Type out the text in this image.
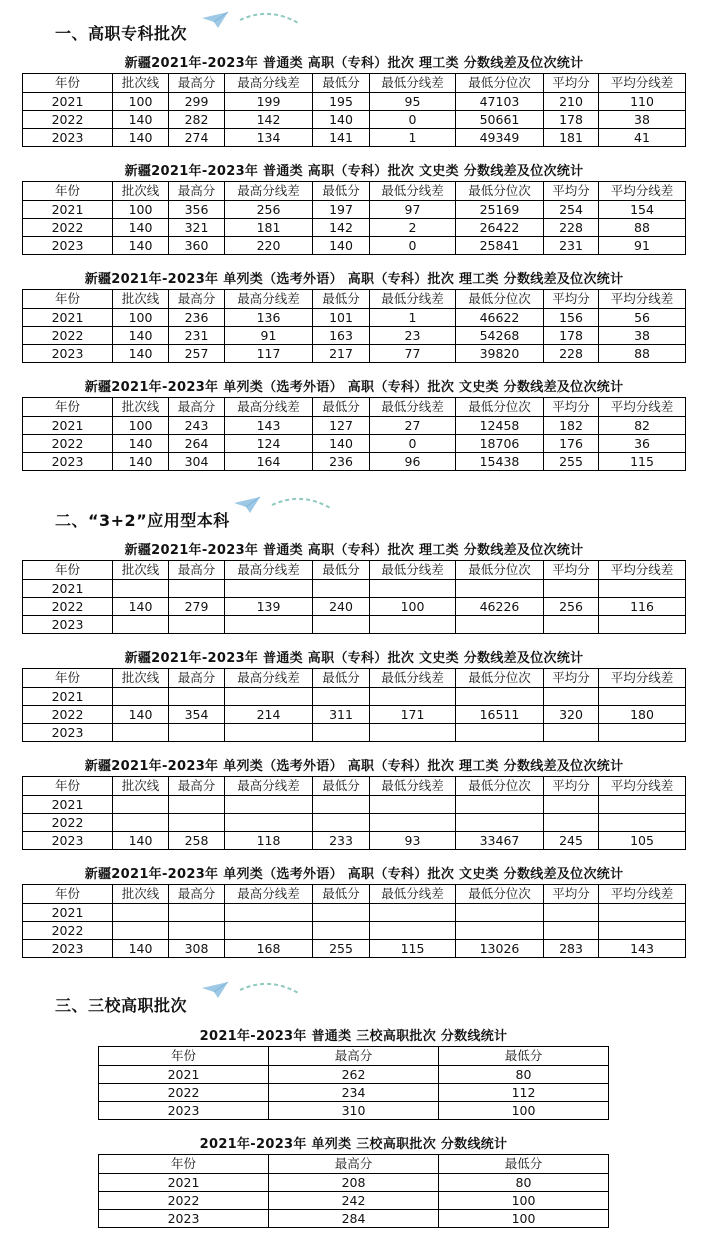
一、高职专科批次
新疆2021年-2023年 普通类 高职（专科）批次 理工类 分数线差及位次统计								
年份	批次线	最高分	最高分线差	最低分	最低分线差	最低分位次	平均分	平均分线差
2021	100	299	199	195	95	47103	210	110
2022	140	282	142	140	0	50661	178	38
2023	140	274	134	141	1	49349	181	41
新疆2021年-2023年 普通类 高职（专科）批次 文史类 分数线差及位次统计								
年份	批次线	最高分	最高分线差	最低分	最低分线差	最低分位次	平均分	平均分线差
2021	100	356	256	197	97	25169	254	154
2022	140	321	181	142	2	26422	228	88
2023	140	360	220	140	0	25841	231	91
新疆2021年-2023年 单列类（选考外语） 高职（专科）批次 理工类 分数线差及位次统计								
年份	批次线	最高分	最高分线差	最低分	最低分线差	最低分位次	平均分	平均分线差
2021	100	236	136	101	1	46622	156	56
2022	140	231	91	163	23	54268	178	38
2023	140	257	117	217	77	39820	228	88
新疆2021年-2023年 单列类（选考外语） 高职（专科）批次 文史类 分数线差及位次统计								
年份	批次线	最高分	最高分线差	最低分	最低分线差	最低分位次	平均分	平均分线差
2021	100	243	143	127	27	12458	182	82
2022	140	264	124	140	0	18706	176	36
2023	140	304	164	236	96	15438	255	115
二、“3+2”应用型本科
新疆2021年-2023年 普通类 高职（专科）批次 理工类 分数线差及位次统计								
年份	批次线	最高分	最高分线差	最低分	最低分线差	最低分位次	平均分	平均分线差
2021								
2022	140	279	139	240	100	46226	256	116
2023								
新疆2021年-2023年 普通类 高职（专科）批次 文史类 分数线差及位次统计								
年份	批次线	最高分	最高分线差	最低分	最低分线差	最低分位次	平均分	平均分线差
2021								
2022	140	354	214	311	171	16511	320	180
2023								
新疆2021年-2023年 单列类（选考外语） 高职（专科）批次 理工类 分数线差及位次统计								
年份	批次线	最高分	最高分线差	最低分	最低分线差	最低分位次	平均分	平均分线差
2021								
2022								
2023	140	258	118	233	93	33467	245	105
新疆2021年-2023年 单列类（选考外语） 高职（专科）批次 文史类 分数线差及位次统计								
年份	批次线	最高分	最高分线差	最低分	最低分线差	最低分位次	平均分	平均分线差
2021								
2022								
2023	140	308	168	255	115	13026	283	143
三、三校高职批次
2021年-2023年 普通类 三校高职批次 分数线统计		
年份	最高分	最低分
2021	262	80
2022	234	112
2023	310	100
2021年-2023年 单列类 三校高职批次 分数线统计		
年份	最高分	最低分
2021	208	80
2022	242	100
2023	284	100
